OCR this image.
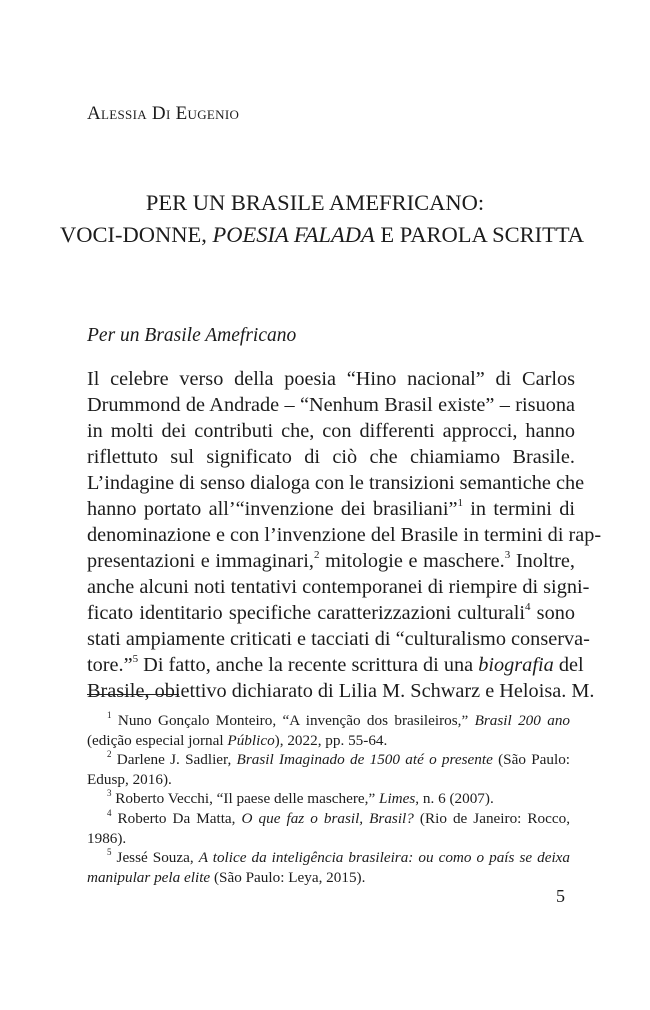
Alessia Di Eugenio
PER UN BRASILE AMEFRICANO:
VOCI-DONNE, POESIA FALADA E PAROLA SCRITTA
Per un Brasile Amefricano
Il celebre verso della poesia “Hino nacional” di Carlos
Drummond de Andrade – “Nenhum Brasil existe” – risuona
in molti dei contributi che, con differenti approcci, hanno
riflettuto sul significato di ciò che chiamiamo Brasile.
L’indagine di senso dialoga con le transizioni semantiche che
hanno portato all’“invenzione dei brasiliani”$^1$ in termini di
denominazione e con l’invenzione del Brasile in termini di rap-
presentazioni e immaginari,$^2$ mitologie e maschere.$^3$ Inoltre,
anche alcuni noti tentativi contemporanei di riempire di signi-
ficato identitario specifiche caratterizzazioni culturali$^4$ sono
stati ampiamente criticati e tacciati di “culturalismo conserva-
tore.”$^5$ Di fatto, anche la recente scrittura di una biografia del
Brasile, obiettivo dichiarato di Lilia M. Schwarz e Heloisa. M.
$^1$ Nuno Gonçalo Monteiro, “A invenção dos brasileiros,” Brasil 200 ano
(edição especial jornal Público), 2022, pp. 55-64.
$^2$ Darlene J. Sadlier, Brasil Imaginado de 1500 até o presente (São Paulo:
Edusp, 2016).
$^3$ Roberto Vecchi, “Il paese delle maschere,” Limes, n. 6 (2007).
$^4$ Roberto Da Matta, O que faz o brasil, Brasil? (Rio de Janeiro: Rocco,
1986).
$^5$ Jessé Souza, A tolice da inteligência brasileira: ou como o país se deixa
manipular pela elite (São Paulo: Leya, 2015).
5
